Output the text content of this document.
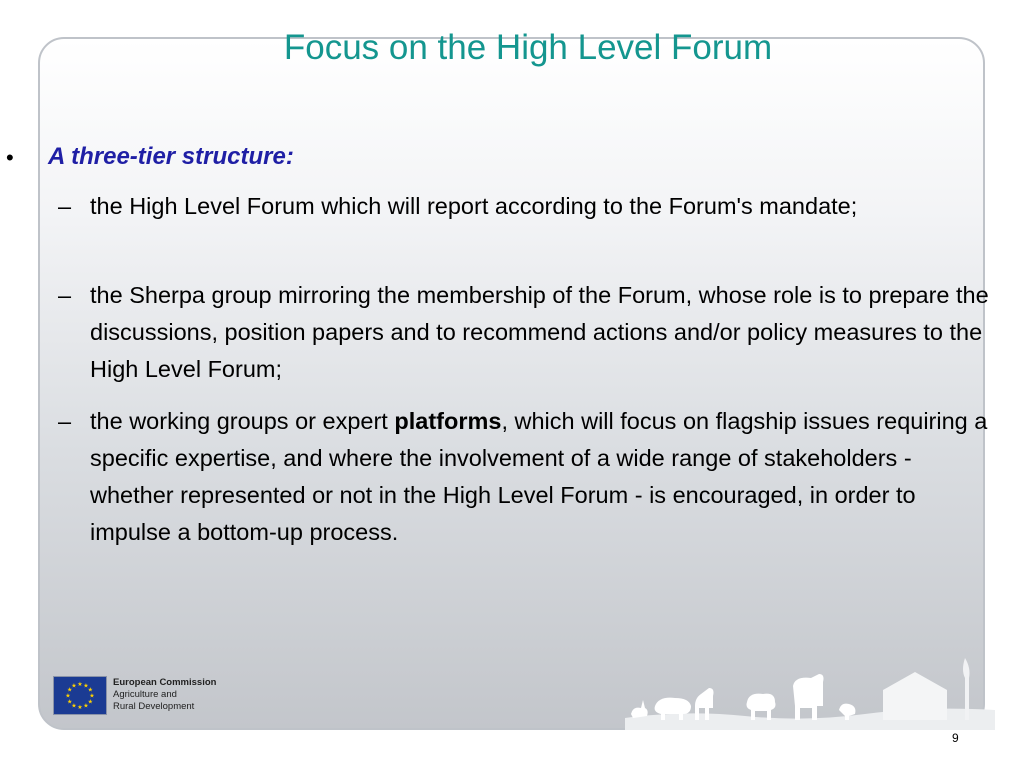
Focus on the High Level Forum
• A three-tier structure:
– the High Level Forum which will report according to the Forum's mandate;
– the Sherpa group mirroring the membership of the Forum, whose role is to prepare the discussions, position papers and to recommend actions and/or policy measures to the High Level Forum;
– the working groups or expert platforms, which will focus on flagship issues requiring a specific expertise, and where the involvement of a wide range of stakeholders - whether represented or not in the High Level Forum - is encouraged, in order to impulse a bottom-up process.
★ ★
★
★
★
★
★
★
★
★
★
★	European Commission
Agriculture and
Rural Development
9
